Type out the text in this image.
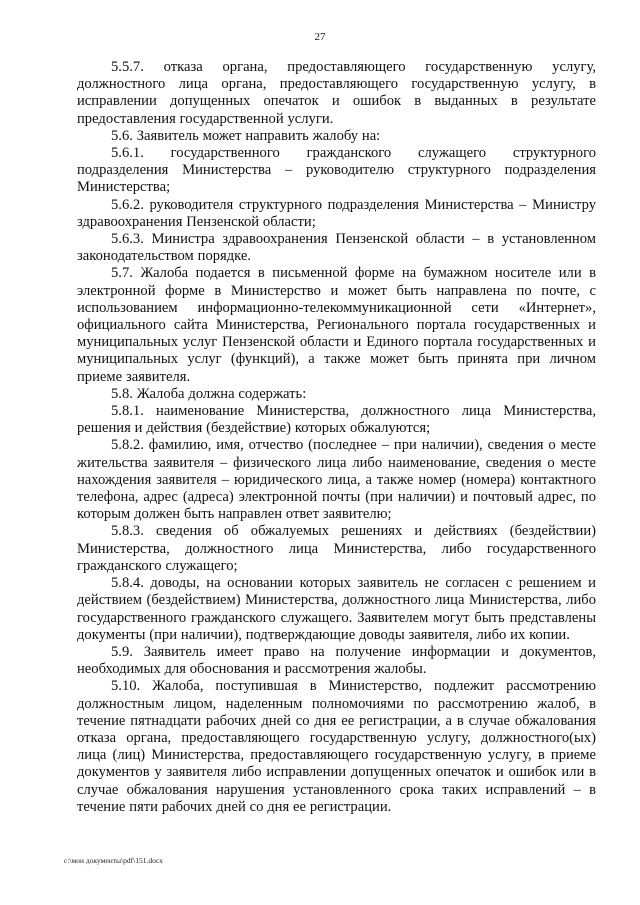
27

5.5.7. отказа органа, предоставляющего государственную услугу, должностного лица органа, предоставляющего государственную услугу, в исправлении допущенных опечаток и ошибок в выданных в результате предоставления государственной услуги.

5.6. Заявитель может направить жалобу на:

5.6.1. государственного гражданского служащего структурного подразделения Министерства – руководителю структурного подразделения Министерства;

5.6.2. руководителя структурного подразделения Министерства – Министру здравоохранения Пензенской области;

5.6.3. Министра здравоохранения Пензенской области – в установленном законодательством порядке.

5.7. Жалоба подается в письменной форме на бумажном носителе или в электронной форме в Министерство и может быть направлена по почте, с использованием информационно-телекоммуникационной сети «Интернет», официального сайта Министерства, Регионального портала государственных и муниципальных услуг Пензенской области и Единого портала государственных и муниципальных услуг (функций), а также может быть принята при личном приеме заявителя.

5.8. Жалоба должна содержать:

5.8.1. наименование Министерства, должностного лица Министерства, решения и действия (бездействие) которых обжалуются;

5.8.2. фамилию, имя, отчество (последнее – при наличии), сведения о месте жительства заявителя – физического лица либо наименование, сведения о месте нахождения заявителя – юридического лица, а также номер (номера) контактного телефона, адрес (адреса) электронной почты (при наличии) и почтовый адрес, по которым должен быть направлен ответ заявителю;

5.8.3. сведения об обжалуемых решениях и действиях (бездействии) Министерства, должностного лица Министерства, либо государственного гражданского служащего;

5.8.4. доводы, на основании которых заявитель не согласен с решением и действием (бездействием) Министерства, должностного лица Министерства, либо государственного гражданского служащего. Заявителем могут быть представлены документы (при наличии), подтверждающие доводы заявителя, либо их копии.

5.9. Заявитель имеет право на получение информации и документов, необходимых для обоснования и рассмотрения жалобы.

5.10. Жалоба, поступившая в Министерство, подлежит рассмотрению должностным лицом, наделенным полномочиями по рассмотрению жалоб, в течение пятнадцати рабочих дней со дня ее регистрации, а в случае обжалования отказа органа, предоставляющего государственную услугу, должностного(ых) лица (лиц) Министерства, предоставляющего государственную услугу, в приеме документов у заявителя либо исправлении допущенных опечаток и ошибок или в случае обжалования нарушения установленного срока таких исправлений – в течение пяти рабочих дней со дня ее регистрации.

c:\мои документы\pdf\151.docx
